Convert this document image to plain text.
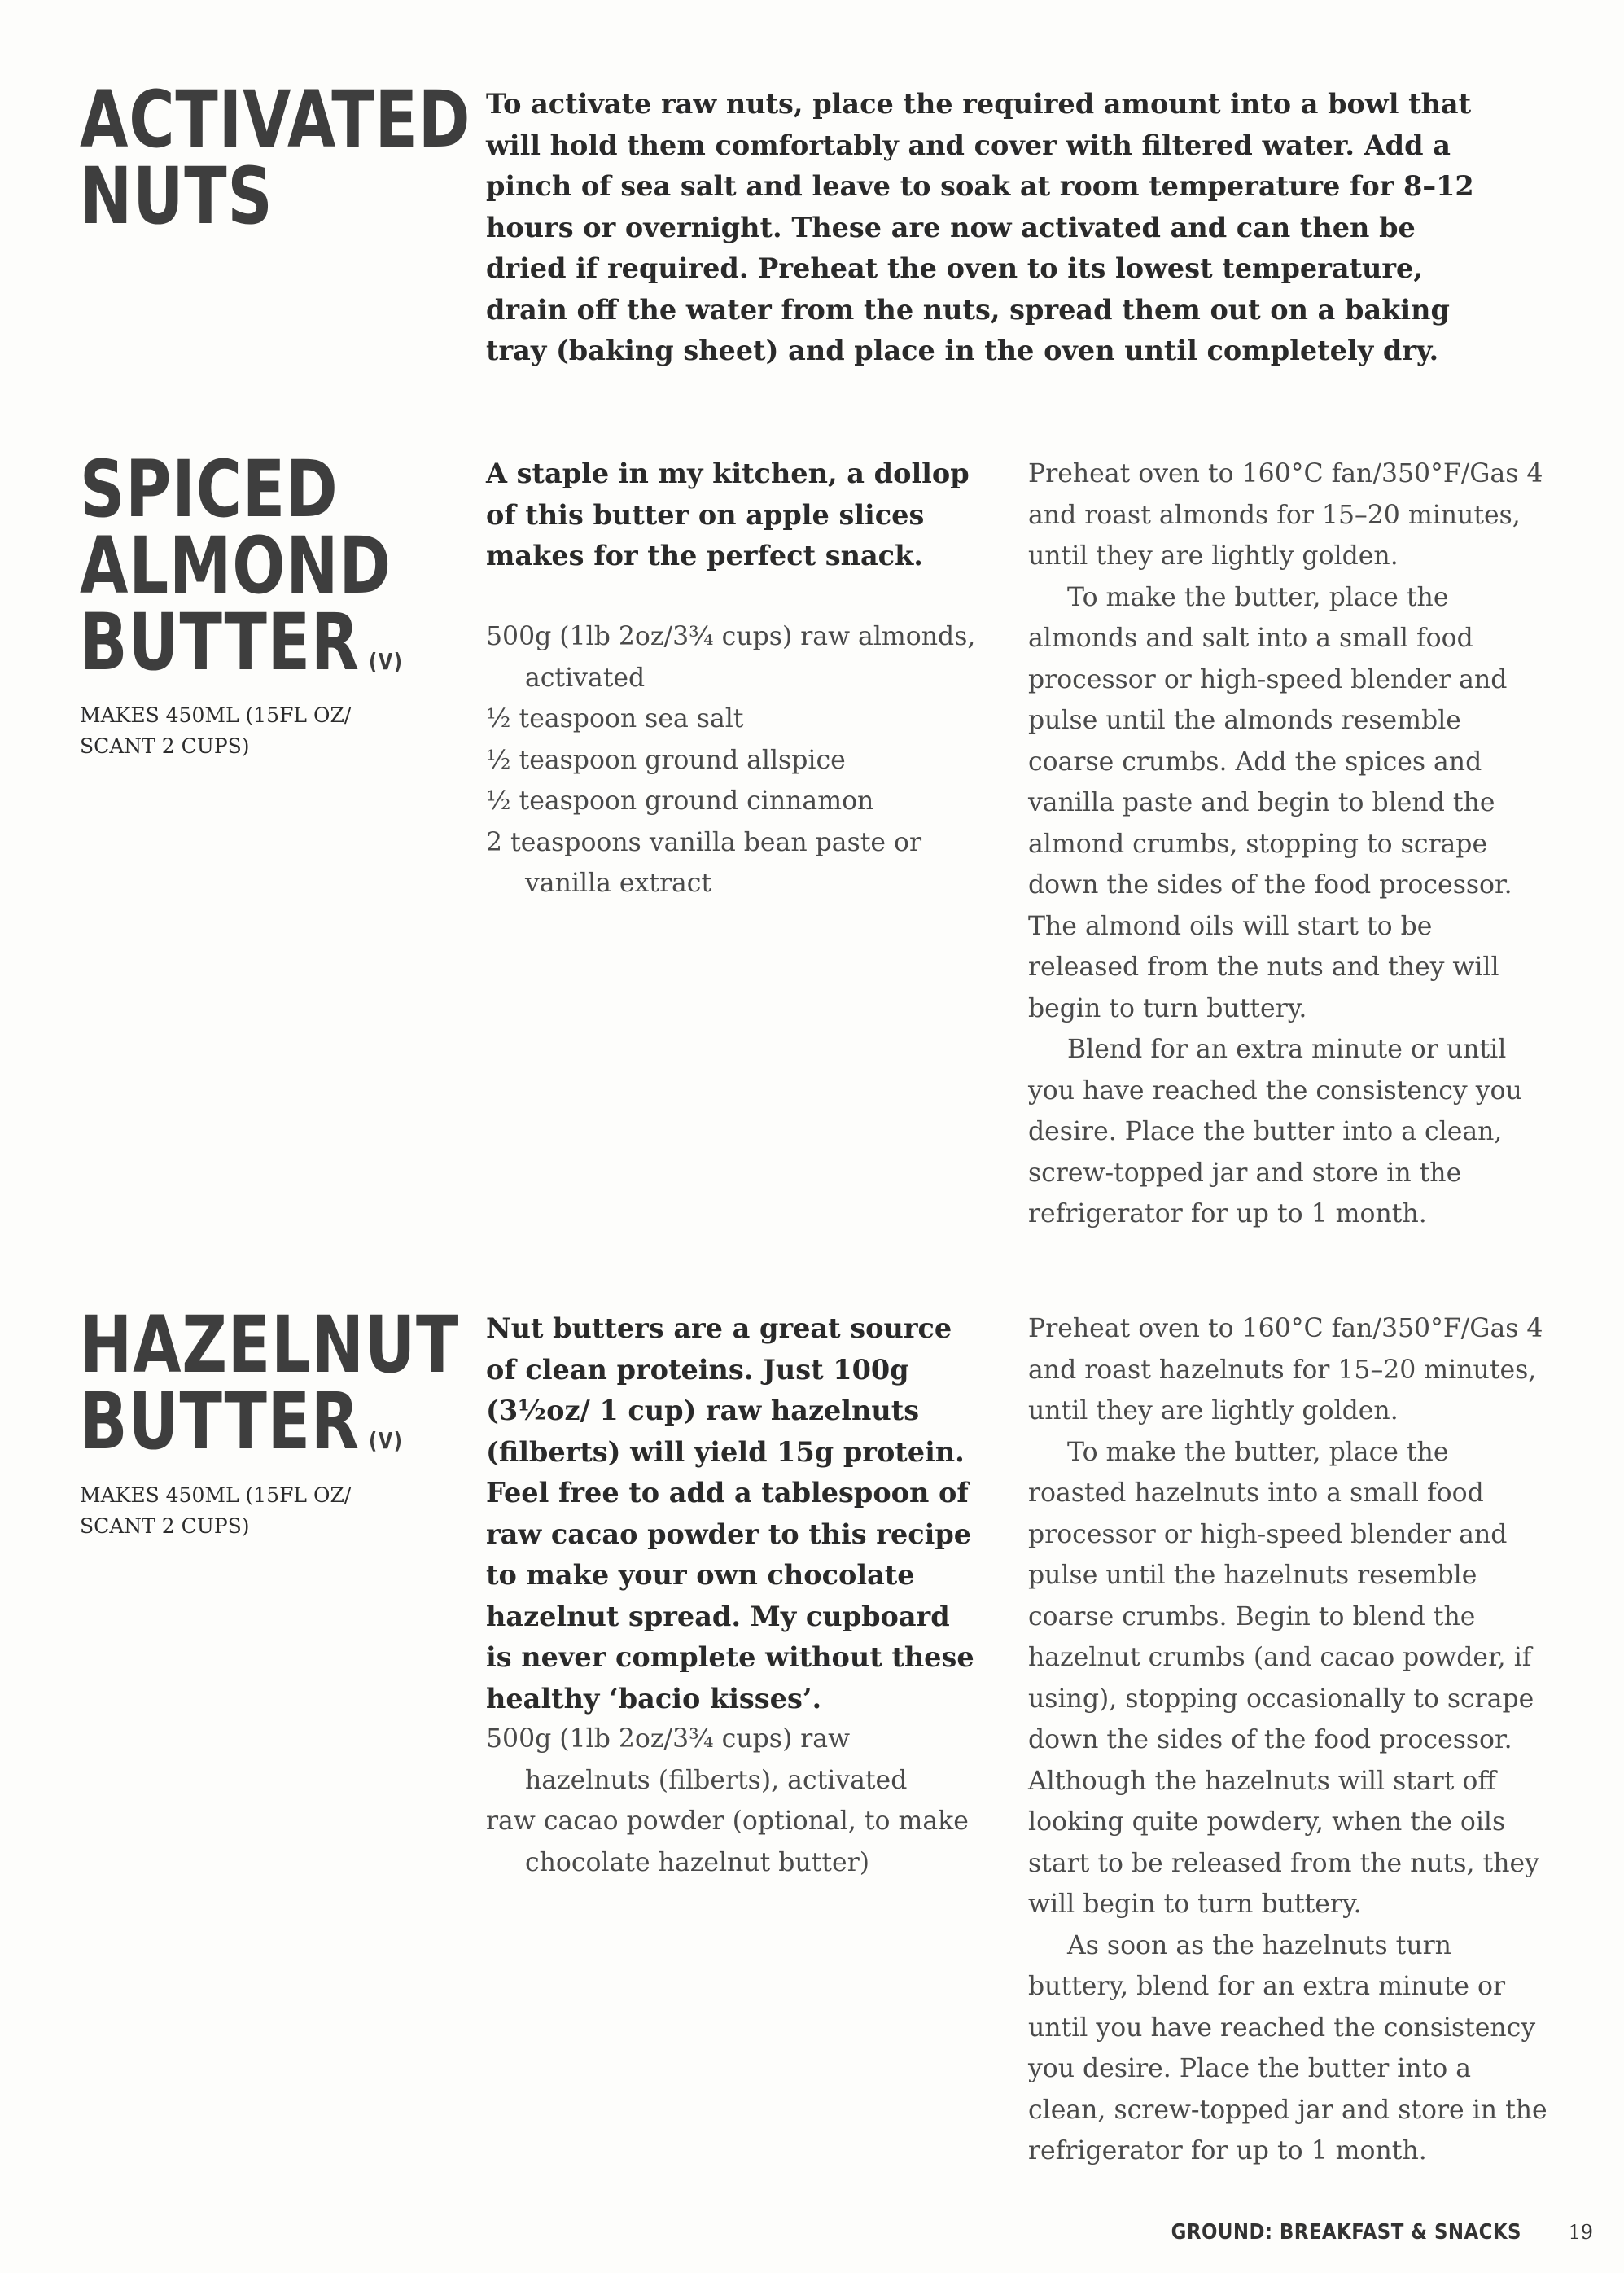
ACTIVATED
NUTS

To activate raw nuts, place the required amount into a bowl that will hold them comfortably and cover with filtered water. Add a pinch of sea salt and leave to soak at room temperature for 8–12 hours or overnight. These are now activated and can then be dried if required. Preheat the oven to its lowest temperature, drain off the water from the nuts, spread them out on a baking tray (baking sheet) and place in the oven until completely dry.

SPICED
ALMOND
BUTTER (V)
MAKES 450ML (15FL OZ/ SCANT 2 CUPS)

A staple in my kitchen, a dollop of this butter on apple slices makes for the perfect snack.

500g (1lb 2oz/3¾ cups) raw almonds, activated
½ teaspoon sea salt
½ teaspoon ground allspice
½ teaspoon ground cinnamon
2 teaspoons vanilla bean paste or vanilla extract

Preheat oven to 160°C fan/350°F/Gas 4 and roast almonds for 15–20 minutes, until they are lightly golden.

To make the butter, place the almonds and salt into a small food processor or high-speed blender and pulse until the almonds resemble coarse crumbs. Add the spices and vanilla paste and begin to blend the almond crumbs, stopping to scrape down the sides of the food processor. The almond oils will start to be released from the nuts and they will begin to turn buttery.

Blend for an extra minute or until you have reached the consistency you desire. Place the butter into a clean, screw-topped jar and store in the refrigerator for up to 1 month.

HAZELNUT
BUTTER (V)
MAKES 450ML (15FL OZ/ SCANT 2 CUPS)

Nut butters are a great source of clean proteins. Just 100g (3½oz/ 1 cup) raw hazelnuts (filberts) will yield 15g protein. Feel free to add a tablespoon of raw cacao powder to this recipe to make your own chocolate hazelnut spread. My cupboard is never complete without these healthy ‘bacio kisses’.

500g (1lb 2oz/3¾ cups) raw hazelnuts (filberts), activated
raw cacao powder (optional, to make chocolate hazelnut butter)

Preheat oven to 160°C fan/350°F/Gas 4 and roast hazelnuts for 15–20 minutes, until they are lightly golden.

To make the butter, place the roasted hazelnuts into a small food processor or high-speed blender and pulse until the hazelnuts resemble coarse crumbs. Begin to blend the hazelnut crumbs (and cacao powder, if using), stopping occasionally to scrape down the sides of the food processor. Although the hazelnuts will start off looking quite powdery, when the oils start to be released from the nuts, they will begin to turn buttery.

As soon as the hazelnuts turn buttery, blend for an extra minute or until you have reached the consistency you desire. Place the butter into a clean, screw-topped jar and store in the refrigerator for up to 1 month.

GROUND: BREAKFAST & SNACKS 19
